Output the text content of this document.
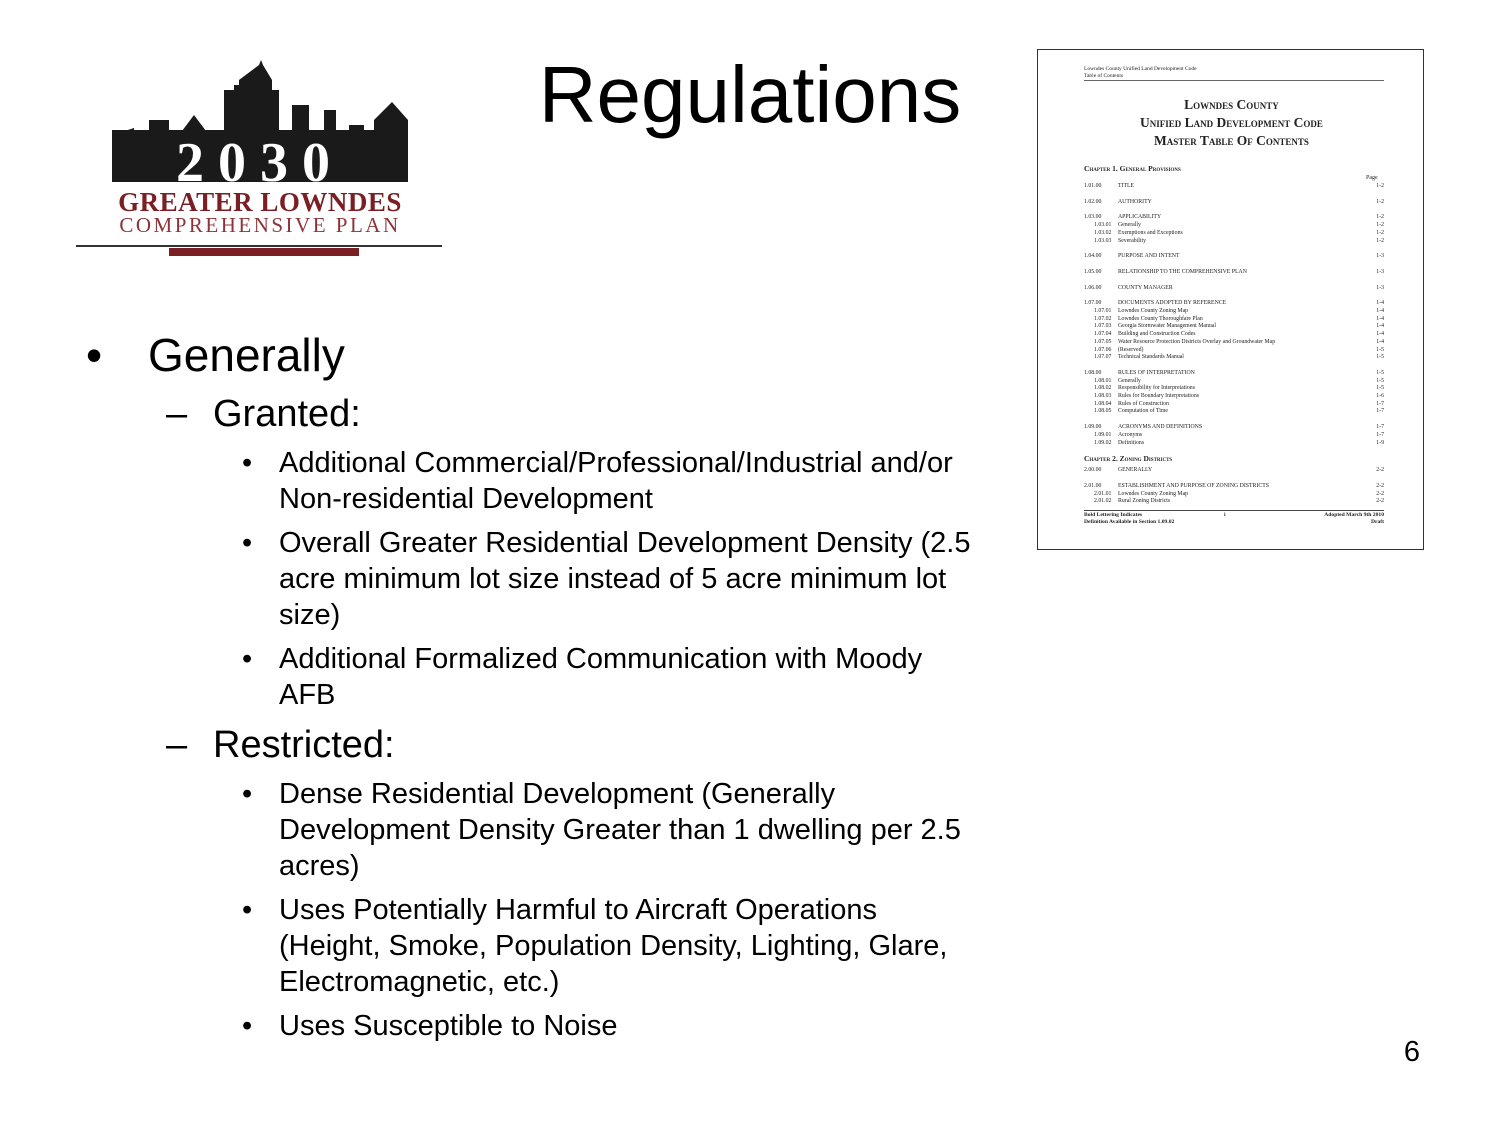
2030
GREATER LOWNDES
COMPREHENSIVE PLAN
Regulations
• Generally
– Granted:
• Additional Commercial/Professional/Industrial and/or Non-residential Development
• Overall Greater Residential Development Density (2.5 acre minimum lot size instead of 5 acre minimum lot size)
• Additional Formalized Communication with Moody AFB
– Restricted:
• Dense Residential Development (Generally Development Density Greater than 1 dwelling per 2.5 acres)
• Uses Potentially Harmful to Aircraft Operations (Height, Smoke, Population Density, Lighting, Glare, Electromagnetic, etc.)
• Uses Susceptible to Noise
Lowndes County Unified Land Development Code
Table of Contents
Lowndes County
Unified Land Development Code
Master Table Of Contents
Chapter 1. General Provisions
Page
1.01.00	TITLE	1-2
1.02.00	AUTHORITY	1-2
1.03.00	APPLICABILITY	1-2
1.03.01 Generally	1-2
1.03.02 Exemptions and Exceptions	1-2
1.03.03 Severability	1-2
1.04.00	PURPOSE AND INTENT	1-3
1.05.00	RELATIONSHIP TO THE COMPREHENSIVE PLAN	1-3
1.06.00	COUNTY MANAGER	1-3
1.07.00	DOCUMENTS ADOPTED BY REFERENCE	1-4
1.07.01 Lowndes County Zoning Map	1-4
1.07.02 Lowndes County Thoroughfare Plan	1-4
1.07.03 Georgia Stormwater Management Manual	1-4
1.07.04 Building and Construction Codes	1-4
1.07.05 Water Resource Protection Districts Overlay and Groundwater Map	1-4
1.07.06 (Reserved)	1-5
1.07.07 Technical Standards Manual	1-5
1.08.00	RULES OF INTERPRETATION	1-5
1.08.01 Generally	1-5
1.08.02 Responsibility for Interpretations	1-5
1.08.03 Rules for Boundary Interpretations	1-6
1.08.04 Rules of Construction	1-7
1.08.05 Computation of Time	1-7
1.09.00	ACRONYMS AND DEFINITIONS	1-7
1.09.01 Acronyms	1-7
1.09.02 Definitions	1-9
Chapter 2. Zoning Districts
2.00.00	GENERALLY	2-2
2.01.00	ESTABLISHMENT AND PURPOSE OF ZONING DISTRICTS	2-2
2.01.01 Lowndes County Zoning Map	2-2
2.01.02 Rural Zoning Districts	2-2
Bold Lettering Indicates	i	Adopted March 9th 2010

Definition Available in Section 1.09.02	Draft
6
